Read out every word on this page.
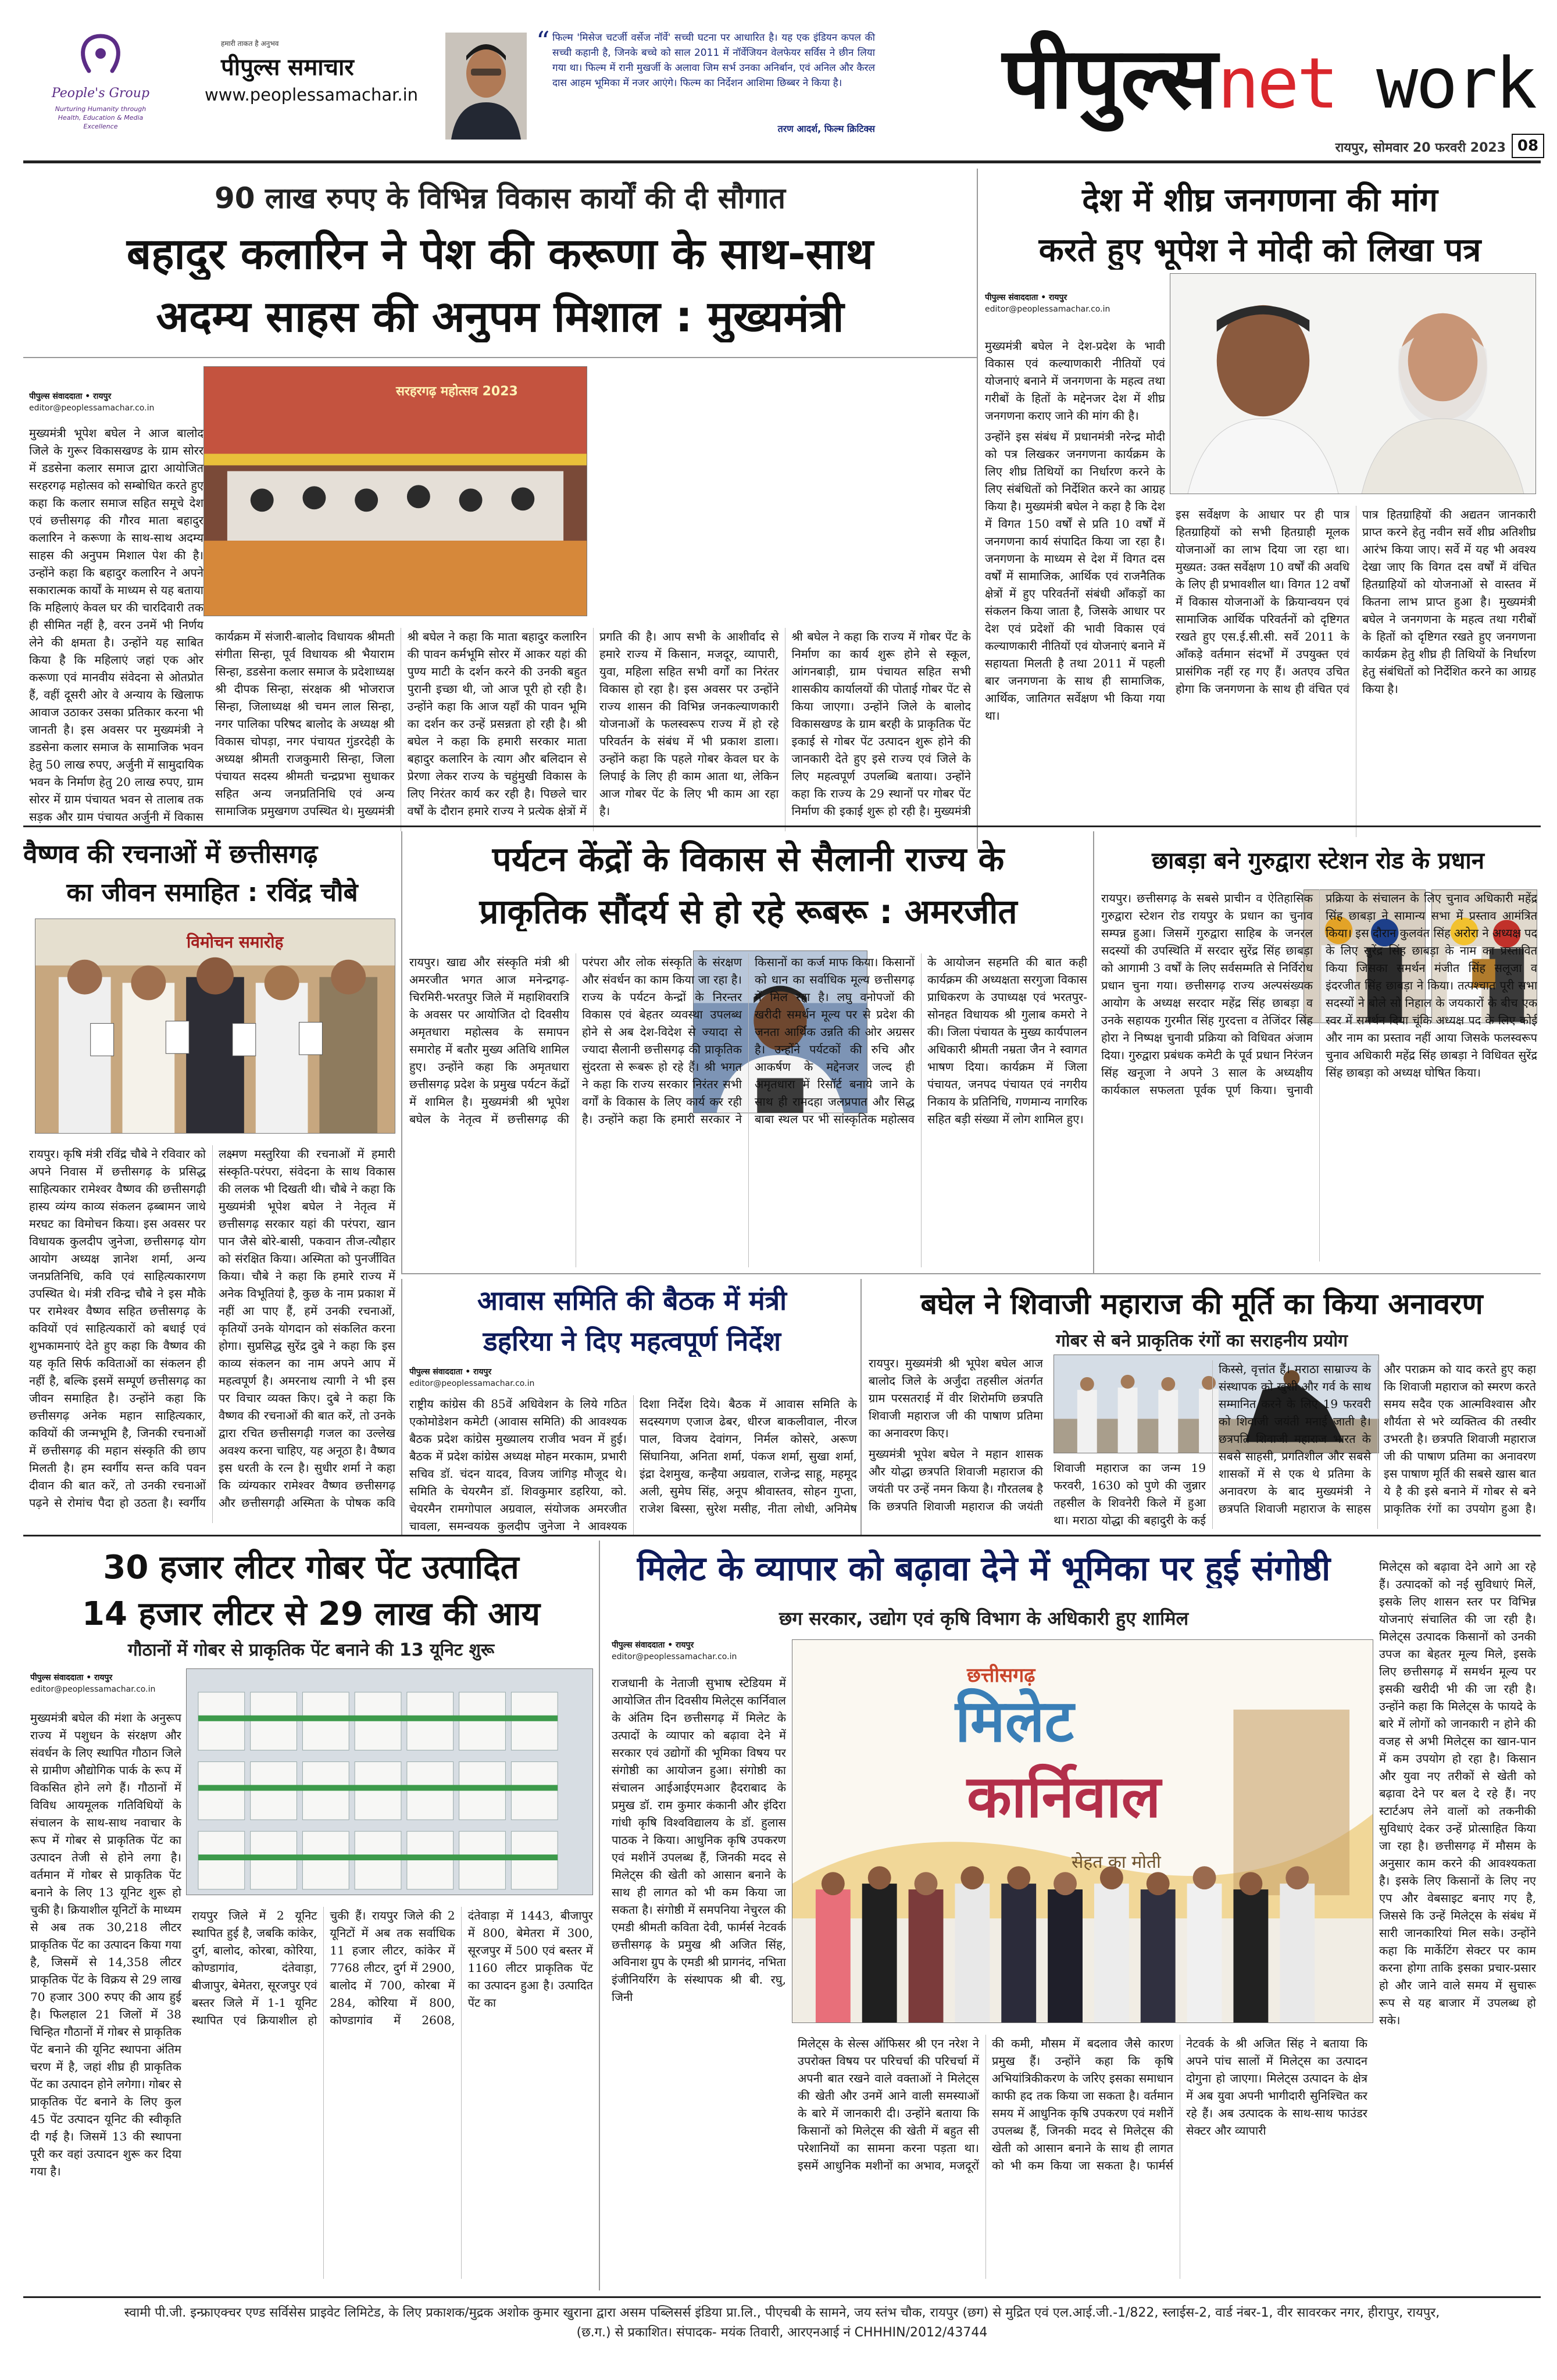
People's Group
Nurturing Humanity through Health, Education & Media Excellence
हमारी ताकत है अनुभव
पीपुल्स समाचार
www.peoplessamachar.in
“ फिल्म 'मिसेज चटर्जी वर्सेज नॉर्वे' सच्ची घटना पर आधारित है। यह एक इंडियन कपल की सच्ची कहानी है, जिनके बच्चे को साल 2011 में नॉर्वेजियन वेलफेयर सर्विस ने छीन लिया गया था। फिल्म में रानी मुखर्जी के अलावा जिम सर्भ उनका अनिर्बान, एवं अनिल और कैरल दास आहम भूमिका में नजर आएंगे। फिल्म का निर्देशन आशिमा छिब्बर ने किया है।
तरण आदर्श, फिल्म क्रिटिक्स
पीपुल्सnet work
रायपुर, सोमवार 20 फरवरी 2023 08
90 लाख रुपए के विभिन्न विकास कार्यों की दी सौगात
बहादुर कलारिन ने पेश की करूणा के साथ-साथ
अदम्य साहस की अनुपम मिशाल : मुख्यमंत्री
पीपुल्स संवाददाता • रायपुर
editor@peoplessamachar.co.in
सरहरगढ़ महोत्सव 2023

मुख्यमंत्री भूपेश बघेल ने आज बालोद जिले के गुरूर विकासखण्ड के ग्राम सोरर में डडसेना कलार समाज द्वारा आयोजित सरहरगढ़ महोत्सव को सम्बोधित करते हुए कहा कि कलार समाज सहित समूचे देश एवं छत्तीसगढ़ की गौरव माता बहादुर कलारिन ने करूणा के साथ-साथ अदम्य साहस की अनुपम मिशाल पेश की है। उन्होंने कहा कि बहादुर कलारिन ने अपने सकारात्मक कार्यों के माध्यम से यह बताया कि महिलाएं केवल घर की चारदिवारी तक ही सीमित नहीं है, वरन उनमें भी निर्णय लेने की क्षमता है। उन्होंने यह साबित किया है कि महिलाएं जहां एक ओर करूणा एवं मानवीय संवेदना से ओतप्रोत हैं, वहीं दूसरी ओर वे अन्याय के खिलाफ आवाज उठाकर उसका प्रतिकार करना भी जानती है। इस अवसर पर मुख्यमंत्री ने डडसेना कलार समाज के सामाजिक भवन हेतु 50 लाख रुपए, अर्जुनी में सामुदायिक भवन के निर्माण हेतु 20 लाख रुपए, ग्राम सोरर में ग्राम पंचायत भवन से तालाब तक सड़क और ग्राम पंचायत अर्जुनी में विकास

कार्यक्रम में संजारी-बालोद विधायक श्रीमती संगीता सिन्हा, पूर्व विधायक श्री भैयाराम सिन्हा, डडसेना कलार समाज के प्रदेशाध्यक्ष श्री दीपक सिन्हा, संरक्षक श्री भोजराज सिन्हा, जिलाध्यक्ष श्री चमन लाल सिन्हा, नगर पालिका परिषद बालोद के अध्यक्ष श्री विकास चोपड़ा, नगर पंचायत गुंडरदेही के अध्यक्ष श्रीमती राजकुमारी सिन्हा, जिला पंचायत सदस्य श्रीमती चन्द्रप्रभा सुधाकर सहित अन्य जनप्रतिनिधि एवं अन्य सामाजिक प्रमुखगण उपस्थित थे। मुख्यमंत्री श्री बघेल ने कहा कि माता बहादुर कलारिन की पावन कर्मभूमि सोरर में आकर यहां की पुण्य माटी के दर्शन करने की उनकी बहुत पुरानी इच्छा थी, जो आज पूरी हो रही है। उन्होंने कहा कि आज यहाँ की पावन भूमि का दर्शन कर उन्हें प्रसन्नता हो रही है। श्री बघेल ने कहा कि हमारी सरकार माता बहादुर कलारिन के त्याग और बलिदान से प्रेरणा लेकर राज्य के चहुंमुखी विकास के लिए निरंतर कार्य कर रही है। पिछले चार वर्षों के दौरान हमारे राज्य ने प्रत्येक क्षेत्रों में प्रगति की है। आप सभी के आशीर्वाद से हमारे राज्य में किसान, मजदूर, व्यापारी, युवा, महिला सहित सभी वर्गों का निरंतर विकास हो रहा है। इस अवसर पर उन्होंने राज्य शासन की विभिन्न जनकल्याणकारी योजनाओं के फलस्वरूप राज्य में हो रहे परिवर्तन के संबंध में भी प्रकाश डाला। उन्होंने कहा कि पहले गोबर केवल घर के लिपाई के लिए ही काम आता था, लेकिन आज गोबर पेंट के लिए भी काम आ रहा है।

श्री बघेल ने कहा कि राज्य में गोबर पेंट के निर्माण का कार्य शुरू होने से स्कूल, आंगनबाड़ी, ग्राम पंचायत सहित सभी शासकीय कार्यालयों की पोताई गोबर पेंट से किया जाएगा। उन्होंने जिले के बालोद विकासखण्ड के ग्राम बरही के प्राकृतिक पेंट इकाई से गोबर पेंट उत्पादन शुरू होने की जानकारी देते हुए इसे राज्य एवं जिले के लिए महत्वपूर्ण उपलब्धि बताया। उन्होंने कहा कि राज्य के 29 स्थानों पर गोबर पेंट निर्माण की इकाई शुरू हो रही है। मुख्यमंत्री

देश में शीघ्र जनगणना की मांग
करते हुए भूपेश ने मोदी को लिखा पत्र
पीपुल्स संवाददाता • रायपुर
editor@peoplessamachar.co.in

मुख्यमंत्री बघेल ने देश-प्रदेश के भावी विकास एवं कल्याणकारी नीतियों एवं योजनाएं बनाने में जनगणना के महत्व तथा गरीबों के हितों के मद्देनजर देश में शीघ्र जनगणना कराए जाने की मांग की है।

उन्होंने इस संबंध में प्रधानमंत्री नरेन्द्र मोदी को पत्र लिखकर जनगणना कार्यक्रम के लिए शीघ्र तिथियों का निर्धारण करने के लिए संबंधितों को निर्देशित करने का आग्रह किया है। मुख्यमंत्री बघेल ने कहा है कि देश में विगत 150 वर्षों से प्रति 10 वर्षों में जनगणना कार्य संपादित किया जा रहा है। जनगणना के माध्यम से देश में विगत दस वर्षों में सामाजिक, आर्थिक एवं राजनैतिक क्षेत्रों में हुए परिवर्तनों संबंधी आँकड़ों का संकलन किया जाता है, जिसके आधार पर देश एवं प्रदेशों की भावी विकास एवं कल्याणकारी नीतियों एवं योजनाएं बनाने में सहायता मिलती है तथा 2011 में पहली बार जनगणना के साथ ही सामाजिक, आर्थिक, जातिगत सर्वेक्षण भी किया गया था।

इस सर्वेक्षण के आधार पर ही पात्र हितग्राहियों को सभी हितग्राही मूलक योजनाओं का लाभ दिया जा रहा था। मुख्यत: उक्त सर्वेक्षण 10 वर्षों की अवधि के लिए ही प्रभावशील था। विगत 12 वर्षों में विकास योजनाओं के क्रियान्वयन एवं सामाजिक आर्थिक परिवर्तनों को दृष्टिगत रखते हुए एस.ई.सी.सी. सर्वे 2011 के आँकड़े वर्तमान संदर्भों में उपयुक्त एवं प्रासंगिक नहीं रह गए हैं। अतएव उचित होगा कि जनगणना के साथ ही वंचित एवं पात्र हितग्राहियों की अद्यतन जानकारी प्राप्त करने हेतु नवीन सर्वे शीघ्र अतिशीघ्र आरंभ किया जाए। सर्वे में यह भी अवश्य देखा जाए कि विगत दस वर्षों में वंचित हितग्राहियों को योजनाओं से वास्तव में कितना लाभ प्राप्त हुआ है। मुख्यमंत्री बघेल ने जनगणना के महत्व तथा गरीबों के हितों को दृष्टिगत रखते हुए जनगणना कार्यक्रम हेतु शीघ्र ही तिथियों के निर्धारण हेतु संबंधितों को निर्देशित करने का आग्रह किया है।

वैष्णव की रचनाओं में छत्तीसगढ़
का जीवन समाहित : रविंद्र चौबे
विमोचन समारोह

रायपुर। कृषि मंत्री रविंद्र चौबे ने रविवार को अपने निवास में छत्तीसगढ़ के प्रसिद्ध साहित्यकार रामेश्वर वैष्णव की छत्तीसगढ़ी हास्य व्यंग्य काव्य संकलन ढ़ब्बामन जाथे मरघट का विमोचन किया। इस अवसर पर विधायक कुलदीप जुनेजा, छत्तीसगढ़ योग आयोग अध्यक्ष ज्ञानेश शर्मा, अन्य जनप्रतिनिधि, कवि एवं साहित्यकारगण उपस्थित थे। मंत्री रविन्द्र चौबे ने इस मौके पर रामेश्वर वैष्णव सहित छत्तीसगढ़ के कवियों एवं साहित्यकारों को बधाई एवं शुभकामनाएं देते हुए कहा कि वैष्णव की यह कृति सिर्फ कविताओं का संकलन ही नहीं है, बल्कि इसमें सम्पूर्ण छत्तीसगढ़ का जीवन समाहित है। उन्होंने कहा कि छत्तीसगढ़ अनेक महान साहित्यकार, कवियों की जन्मभूमि है, जिनकी रचनाओं में छत्तीसगढ़ की महान संस्कृति की छाप मिलती है। हम स्वर्गीय सन्त कवि पवन दीवान की बात करें, तो उनकी रचनाओं पढ़ने से रोमांच पैदा हो उठता है। स्वर्गीय लक्ष्मण मस्तुरिया की रचनाओं में हमारी संस्कृति-परंपरा, संवेदना के साथ विकास की ललक भी दिखती थी। चौबे ने कहा कि मुख्यमंत्री भूपेश बघेल ने नेतृत्व में छत्तीसगढ़ सरकार यहां की परंपरा, खान पान जैसे बोरे-बासी, पकवान तीज-त्यौहार को संरक्षित किया। अस्मिता को पुनर्जीवित किया। चौबे ने कहा कि हमारे राज्य में अनेक विभूतियां है, कुछ के नाम प्रकाश में नहीं आ पाए हैं, हमें उनकी रचनाओं, कृतियों उनके योगदान को संकलित करना होगा। सुप्रसिद्ध सुरेंद्र दुबे ने कहा कि इस काव्य संकलन का नाम अपने आप में महत्वपूर्ण है। अमरनाथ त्यागी ने भी इस पर विचार व्यक्त किए। दुबे ने कहा कि वैष्णव की रचनाओं की बात करें, तो उनके द्वारा रचित छत्तीसगढ़ी गजल का उल्लेख अवश्य करना चाहिए, यह अनूठा है। वैष्णव इस धरती के रत्न है। सुधीर शर्मा ने कहा कि व्यंग्यकार रामेश्वर वैष्णव छत्तीसगढ़ और छत्तीसगढ़ी अस्मिता के पोषक कवि

पर्यटन केंद्रों के विकास से सैलानी राज्य के
प्राकृतिक सौंदर्य से हो रहे रूबरू : अमरजीत

रायपुर। खाद्य और संस्कृति मंत्री श्री अमरजीत भगत आज मनेन्द्रगढ़-चिरमिरी-भरतपुर जिले में महाशिवरात्रि के अवसर पर आयोजित दो दिवसीय अमृतधारा महोत्सव के समापन समारोह में बतौर मुख्य अतिथि शामिल हुए। उन्होंने कहा कि अमृतधारा छत्तीसगढ़ प्रदेश के प्रमुख पर्यटन केंद्रों में शामिल है। मुख्यमंत्री श्री भूपेश बघेल के नेतृत्व में छत्तीसगढ़ की परंपरा और लोक संस्कृति के संरक्षण और संवर्धन का काम किया जा रहा है। राज्य के पर्यटन केन्द्रों के निरन्तर विकास एवं बेहतर व्यवस्था उपलब्ध होने से अब देश-विदेश से ज्यादा से ज्यादा सैलानी छत्तीसगढ़ की प्राकृतिक सुंदरता से रूबरू हो रहे हैं। श्री भगत ने कहा कि राज्य सरकार निरंतर सभी वर्गों के विकास के लिए कार्य कर रही है। उन्होंने कहा कि हमारी सरकार ने किसानों का कर्ज माफ किया। किसानों को धान का सर्वाधिक मूल्य छत्तीसगढ़ में मिल रहा है। लघु वनोपजों की खरीदी समर्थन मूल्य पर से प्रदेश की जनता आर्थिक उन्नति की ओर अग्रसर है। उन्होंने पर्यटकों की रुचि और आकर्षण के मद्देनजर जल्द ही अमृतधारा में रिसॉर्ट बनाये जाने के साथ ही रामदहा जलप्रपात और सिद्ध बाबा स्थल पर भी सांस्कृतिक महोत्सव के आयोजन सहमति की बात कही कार्यक्रम की अध्यक्षता सरगुजा विकास प्राधिकरण के उपाध्यक्ष एवं भरतपुर-सोनहत विधायक श्री गुलाब कमरो ने की। जिला पंचायत के मुख्य कार्यपालन अधिकारी श्रीमती नम्रता जैन ने स्वागत भाषण दिया। कार्यक्रम में जिला पंचायत, जनपद पंचायत एवं नगरीय निकाय के प्रतिनिधि, गणमान्य नागरिक सहित बड़ी संख्या में लोग शामिल हुए।

छाबड़ा बने गुरुद्वारा स्टेशन रोड के प्रधान

रायपुर। छत्तीसगढ़ के सबसे प्राचीन व ऐतिहासिक गुरुद्वारा स्टेशन रोड रायपुर के प्रधान का चुनाव सम्पन्न हुआ। जिसमें गुरुद्वारा साहिब के जनरल सदस्यों की उपस्थिति में सरदार सुरेंद्र सिंह छाबड़ा को आगामी 3 वर्षों के लिए सर्वसम्मति से निर्विरोध प्रधान चुना गया। छत्तीसगढ़ राज्य अल्पसंख्यक आयोग के अध्यक्ष सरदार महेंद्र सिंह छाबड़ा व उनके सहायक गुरमीत सिंह गुरदत्ता व तेजिंदर सिंह होरा ने निष्पक्ष चुनावी प्रक्रिया को विधिवत अंजाम दिया। गुरुद्वारा प्रबंधक कमेटी के पूर्व प्रधान निरंजन सिंह खनूजा ने अपने 3 साल के अध्यक्षीय कार्यकाल सफलता पूर्वक पूर्ण किया। चुनावी प्रक्रिया के संचालन के लिए चुनाव अधिकारी महेंद्र सिंह छाबड़ा ने सामान्य सभा में प्रस्ताव आमंत्रित किया। इस दौरान कुलवंत सिंह अरोरा ने अध्यक्ष पद के लिए सुरेंद्र सिंह छाबड़ा के नाम का प्रस्तावित किया जिसका समर्थन मंजीत सिंह सलूजा व इंदरजीत सिंह छाबड़ा ने किया। तत्पश्चात पूरी सभा सदस्यों ने बोले सो निहाल के जयकारों के बीच एक स्वर में समर्थन दिया चूंकि अध्यक्ष पद के लिए कोई और नाम का प्रस्ताव नहीं आया जिसके फलस्वरूप चुनाव अधिकारी महेंद्र सिंह छाबड़ा ने विधिवत सुरेंद्र सिंह छाबड़ा को अध्यक्ष घोषित किया।

आवास समिति की बैठक में मंत्री
डहरिया ने दिए महत्वपूर्ण निर्देश
पीपुल्स संवाददाता • रायपुर
editor@peoplessamachar.co.in

राष्ट्रीय कांग्रेस की 85वें अधिवेशन के लिये गठित एकोमोडेशन कमेटी (आवास समिति) की आवश्यक बैठक प्रदेश कांग्रेस मुख्यालय राजीव भवन में हुई। बैठक में प्रदेश कांग्रेस अध्यक्ष मोहन मरकाम, प्रभारी सचिव डॉ. चंदन यादव, विजय जांगिड़ मौजूद थे। समिति के चेयरमैन डॉ. शिवकुमार डहरिया, को. चेयरमैन रामगोपाल अग्रवाल, संयोजक अमरजीत चावला, समन्वयक कुलदीप जुनेजा ने आवश्यक दिशा निर्देश दिये। बैठक में आवास समिति के सदस्यगण एजाज ढेबर, धीरज बाकलीवाल, नीरज पाल, विजय देवांगन, निर्मल कोसरे, अरूण सिंघानिया, अनिता शर्मा, पंकज शर्मा, सुखा शर्मा, इंद्रा देशमुख, कन्हैया अग्रवाल, राजेन्द्र साहू, महमूद अली, सुमेघ सिंह, अनूप श्रीवास्तव, सोहन गुप्ता, राजेश बिस्सा, सुरेश मसीह, नीता लोधी, अनिमेष

बघेल ने शिवाजी महाराज की मूर्ति का किया अनावरण
गोबर से बने प्राकृतिक रंगों का सराहनीय प्रयोग

रायपुर। मुख्यमंत्री श्री भूपेश बघेल आज बालोद जिले के अर्जुंदा तहसील अंतर्गत ग्राम परसतराई में वीर शिरोमणि छत्रपति शिवाजी महाराज जी की पाषाण प्रतिमा का अनावरण किए।

मुख्यमंत्री भूपेश बघेल ने महान शासक और योद्धा छत्रपति शिवाजी महाराज की जयंती पर उन्हें नमन किया है। गौरतलब है कि छत्रपति शिवाजी महाराज की जयंती

शिवाजी महाराज का जन्म 19 फरवरी, 1630 को पुणे की जुन्नार तहसील के शिवनेरी किले में हुआ था। मराठा योद्धा की बहादुरी के कई किस्से, वृत्तांत हैं। मराठा साम्राज्य के संस्थापक को खुशी और गर्व के साथ सम्मानित करने के लिए 19 फरवरी को शिवाजी जयंती मनाई जाती है। छत्रपति शिवाजी महाराज भारत के सबसे साहसी, प्रगतिशील और सबसे शासकों में से एक थे प्रतिमा के अनावरण के बाद मुख्यमंत्री ने छत्रपति शिवाजी महाराज के साहस और पराक्रम को याद करते हुए कहा कि शिवाजी महाराज को स्मरण करते समय सदैव एक आत्मविश्वास और शौर्यता से भरे व्यक्तित्व की तस्वीर उभरती है। छत्रपति शिवाजी महाराज जी की पाषाण प्रतिमा का अनावरण इस पाषाण मूर्ति की सबसे खास बात ये है की इसे बनाने में गोबर से बने प्राकृतिक रंगों का उपयोग हुआ है।

30 हजार लीटर गोबर पेंट उत्पादित
14 हजार लीटर से 29 लाख की आय
गौठानों में गोबर से प्राकृतिक पेंट बनाने की 13 यूनिट शुरू
पीपुल्स संवाददाता • रायपुर
editor@peoplessamachar.co.in

मुख्यमंत्री बघेल की मंशा के अनुरूप राज्य में पशुधन के संरक्षण और संवर्धन के लिए स्थापित गौठान जिले से ग्रामीण औद्योगिक पार्क के रूप में विकसित होने लगे हैं। गौठानों में विविध आयमूलक गतिविधियों के संचालन के साथ-साथ नवाचार के रूप में गोबर से प्राकृतिक पेंट का उत्पादन तेजी से होने लगा है। वर्तमान में गोबर से प्राकृतिक पेंट बनाने के लिए 13 यूनिट शुरू हो चुकी है। क्रियाशील यूनिटों के माध्यम से अब तक 30,218 लीटर प्राकृतिक पेंट का उत्पादन किया गया है, जिसमें से 14,358 लीटर प्राकृतिक पेंट के विक्रय से 29 लाख 70 हजार 300 रुपए की आय हुई है। फिलहाल 21 जिलों में 38 चिन्हित गौठानों में गोबर से प्राकृतिक पेंट बनाने की यूनिट स्थापना अंतिम चरण में है, जहां शीघ्र ही प्राकृतिक पेंट का उत्पादन होने लगेगा। गोबर से प्राकृतिक पेंट बनाने के लिए कुल 45 पेंट उत्पादन यूनिट की स्वीकृति दी गई है। जिसमें 13 की स्थापना पूरी कर वहां उत्पादन शुरू कर दिया गया है।

रायपुर जिले में 2 यूनिट स्थापित हुई है, जबकि कांकेर, दुर्ग, बालोद, कोरबा, कोरिया, कोण्डागांव, दंतेवाड़ा, बीजापुर, बेमेतरा, सूरजपुर एवं बस्तर जिले में 1-1 यूनिट स्थापित एवं क्रियाशील हो चुकी हैं। रायपुर जिले की 2 यूनिटों में अब तक सर्वाधिक 11 हजार लीटर, कांकेर में 7768 लीटर, दुर्ग में 2900, बालोद में 700, कोरबा में 284, कोरिया में 800, कोण्डागांव में 2608, दंतेवाड़ा में 1443, बीजापुर में 800, बेमेतरा में 300, सूरजपुर में 500 एवं बस्तर में 1160 लीटर प्राकृतिक पेंट का उत्पादन हुआ है। उत्पादित पेंट का

मिलेट के व्यापार को बढ़ावा देने में भूमिका पर हुई संगोष्ठी
छग सरकार, उद्योग एवं कृषि विभाग के अधिकारी हुए शामिल
पीपुल्स संवाददाता • रायपुर
editor@peoplessamachar.co.in
छत्तीसगढ़
मिलेट
कार्निवाल
सेहत का मोती

राजधानी के नेताजी सुभाष स्टेडियम में आयोजित तीन दिवसीय मिलेट्स कार्निवाल के अंतिम दिन छत्तीसगढ़ में मिलेट के उत्पादों के व्यापार को बढ़ावा देने में सरकार एवं उद्योगों की भूमिका विषय पर संगोष्ठी का आयोजन हुआ। संगोष्ठी का संचालन आईआईएमआर हैदराबाद के प्रमुख डॉ. राम कुमार कंकानी और इंदिरा गांधी कृषि विश्वविद्यालय के डॉ. हुलास पाठक ने किया। आधुनिक कृषि उपकरण एवं मशीनें उपलब्ध हैं, जिनकी मदद से मिलेट्स की खेती को आसान बनाने के साथ ही लागत को भी कम किया जा सकता है। संगोष्ठी में समपनिया नेचुरल की एमडी श्रीमती कविता देवी, फार्मर्स नेटवर्क छत्तीसगढ़ के प्रमुख श्री अजित सिंह, अविनाश ग्रुप के एमडी श्री प्रागनंद, नभिता इंजीनियरिंग के संस्थापक श्री बी. रघु, जिनी

मिलेट्स के सेल्स ऑफिसर श्री एन नरेश ने उपरोक्त विषय पर परिचर्चा की परिचर्चा में अपनी बात रखने वाले वक्ताओं ने मिलेट्स की खेती और उनमें आने वाली समस्याओं के बारे में जानकारी दी। उन्होंने बताया कि किसानों को मिलेट्स की खेती में बहुत सी परेशानियों का सामना करना पड़ता था। इसमें आधुनिक मशीनों का अभाव, मजदूरों की कमी, मौसम में बदलाव जैसे कारण प्रमुख हैं। उन्होंने कहा कि कृषि अभियांत्रिकीकरण के जरिए इसका समाधान काफी हद तक किया जा सकता है। वर्तमान समय में आधुनिक कृषि उपकरण एवं मशीनें उपलब्ध हैं, जिनकी मदद से मिलेट्स की खेती को आसान बनाने के साथ ही लागत को भी कम किया जा सकता है। फार्मर्स नेटवर्क के श्री अजित सिंह ने बताया कि अपने पांच सालों में मिलेट्स का उत्पादन दोगुना हो जाएगा। मिलेट्स उत्पादन के क्षेत्र में अब युवा अपनी भागीदारी सुनिश्चित कर रहे हैं। अब उत्पादक के साथ-साथ फाउंडर सेक्टर और व्यापारी

मिलेट्स को बढ़ावा देने आगे आ रहे हैं। उत्पादकों को नई सुविधाएं मिलें, इसके लिए शासन स्तर पर विभिन्न योजनाएं संचालित की जा रही है। मिलेट्स उत्पादक किसानों को उनकी उपज का बेहतर मूल्य मिले, इसके लिए छत्तीसगढ़ में समर्थन मूल्य पर इसकी खरीदी भी की जा रही है। उन्होंने कहा कि मिलेट्स के फायदे के बारे में लोगों को जानकारी न होने की वजह से अभी मिलेट्स का खान-पान में कम उपयोग हो रहा है। किसान और युवा नए तरीकों से खेती को बढ़ावा देने पर बल दे रहे हैं। नए स्टार्टअप लेने वालों को तकनीकी सुविधाएं देकर उन्हें प्रोत्साहित किया जा रहा है। छत्तीसगढ़ में मौसम के अनुसार काम करने की आवश्यकता है। इसके लिए किसानों के लिए नए एप और वेबसाइट बनाए गए है, जिससे कि उन्हें मिलेट्स के संबंध में सारी जानकारियां मिल सके। उन्होंने कहा कि मार्केटिंग सेक्टर पर काम करना होगा ताकि इसका प्रचार-प्रसार हो और जाने वाले समय में सुचारू रूप से यह बाजार में उपलब्ध हो सके।

स्वामी पी.जी. इन्फ्राएक्चर एण्ड सर्विसेस प्राइवेट लिमिटेड, के लिए प्रकाशक/मुद्रक अशोक कुमार खुराना द्वारा असम पब्लिसर्स इंडिया प्रा.लि., पीएचबी के सामने, जय स्तंभ चौक, रायपुर (छग) से मुद्रित एवं एल.आई.जी.-1/822, स्लाईस-2, वार्ड नंबर-1, वीर सावरकर नगर, हीरापुर, रायपुर,
(छ.ग.) से प्रकाशित। संपादक- मयंक तिवारी, आरएनआई नं CHHHIN/2012/43744
